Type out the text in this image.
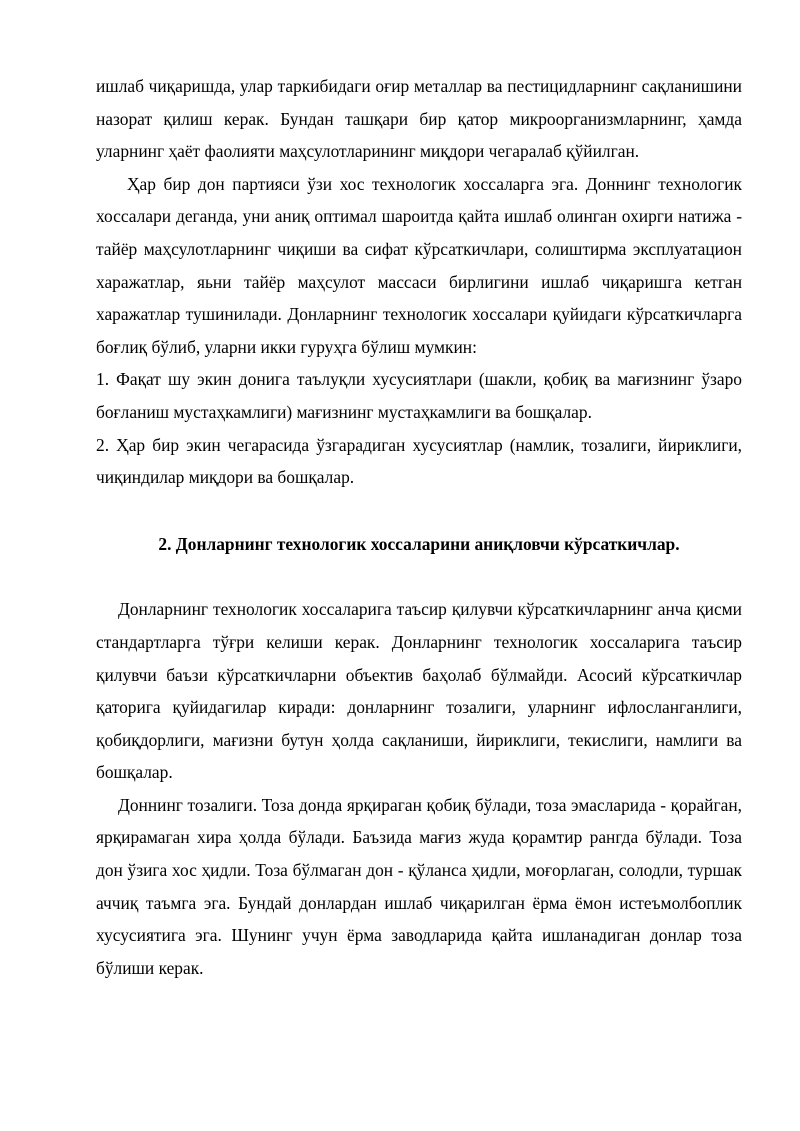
ишлаб чиқаришда, улар таркибидаги оғир металлар ва пестицидларнинг сақланишини назорат қилиш керак. Бундан ташқари бир қатор микроорганизмларнинг, ҳамда уларнинг ҳаёт фаолияти маҳсулотларининг миқдори чегаралаб қўйилган.

Ҳар бир дон партияси ўзи хос технологик хоссаларга эга. Доннинг технологик хоссалари деганда, уни аниқ оптимал шароитда қайта ишлаб олинган охирги натижа - тайёр маҳсулотларнинг чиқиши ва сифат кўрсаткичлари, солиштирма эксплуатацион харажатлар, яьни тайёр маҳсулот массаси бирлигини ишлаб чиқаришга кетган харажатлар тушинилади. Донларнинг технологик хоссалари қуйидаги кўрсаткичларга боғлиқ бўлиб, уларни икки гуруҳга бўлиш мумкин:

1. Фақат шу экин донига таълуқли хусусиятлари (шакли, қобиқ ва мағизнинг ўзаро боғланиш мустаҳкамлиги) мағизнинг мустаҳкамлиги ва бошқалар.

2. Ҳар бир экин чегарасида ўзгарадиган хусусиятлар (намлик, тозалиги, йириклиги, чиқиндилар миқдори ва бошқалар.

2. Донларнинг технологик хоссаларини аниқловчи кўрсаткичлар.

Донларнинг технологик хоссаларига таъсир қилувчи кўрсаткичларнинг анча қисми стандартларга тўғри келиши керак. Донларнинг технологик хоссаларига таъсир қилувчи баъзи кўрсаткичларни объектив баҳолаб бўлмайди. Асосий кўрсаткичлар қаторига қуйидагилар киради: донларнинг тозалиги, уларнинг ифлосланганлиги, қобиқдорлиги, мағизни бутун ҳолда сақланиши, йириклиги, текислиги, намлиги ва бошқалар.

Доннинг тозалиги. Тоза донда ярқираган қобиқ бўлади, тоза эмасларида - қорайган, ярқирамаган хира ҳолда бўлади. Баъзида мағиз жуда қорамтир рангда бўлади. Тоза дон ўзига хос ҳидли. Тоза бўлмаган дон - қўланса ҳидли, моғорлаган, солодли, туршак аччиқ таъмга эга. Бундай донлардан ишлаб чиқарилган ёрма ёмон истеъмолбоплик хусусиятига эга. Шунинг учун ёрма заводларида қайта ишланадиган донлар тоза бўлиши керак.
